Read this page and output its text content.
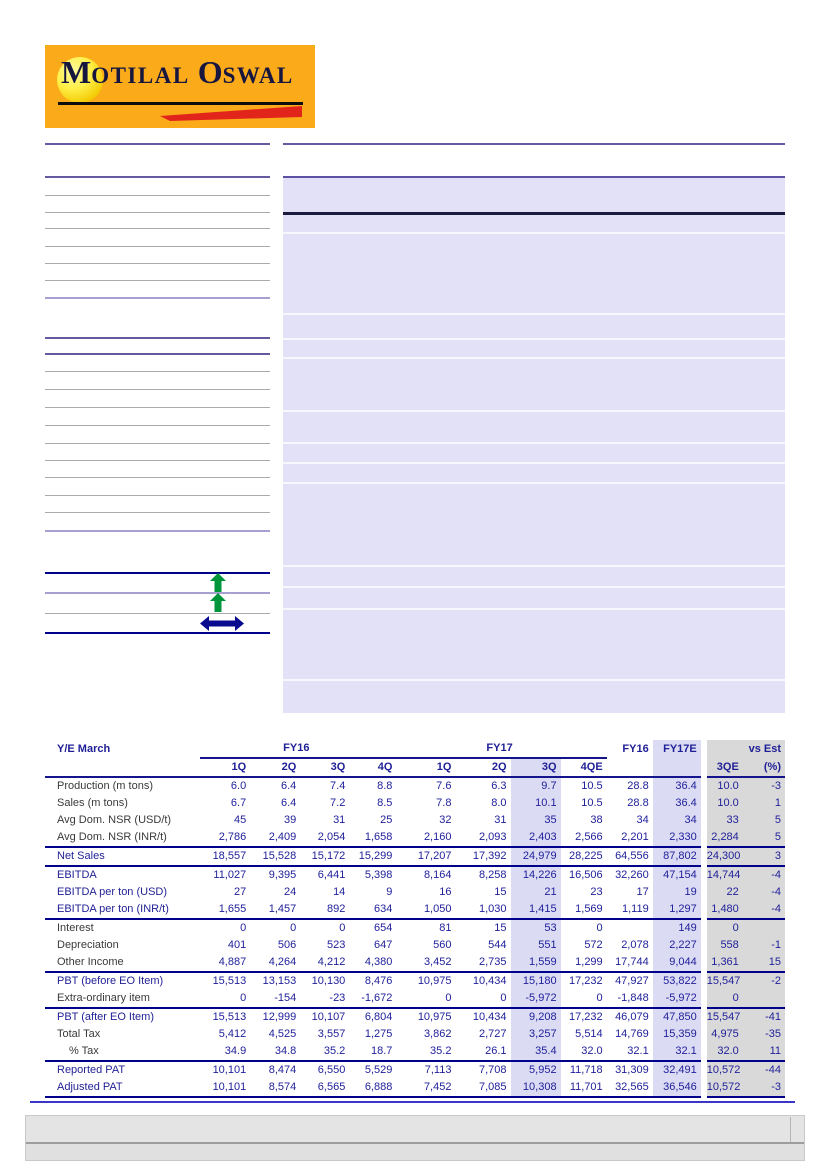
MOTILAL OSWAL
Y/E March	FY16				FY17				FY16	FY17E		vs Est	
	1Q	2Q	3Q	4Q	1Q	2Q	3Q	4QE				3QE	(%)
Production (m tons)	6.0	6.4	7.4	8.8	7.6	6.3	9.7	10.5	28.8	36.4		10.0	-3
Sales (m tons)	6.7	6.4	7.2	8.5	7.8	8.0	10.1	10.5	28.8	36.4		10.0	1
Avg Dom. NSR (USD/t)	45	39	31	25	32	31	35	38	34	34		33	5
Avg Dom. NSR (INR/t)	2,786	2,409	2,054	1,658	2,160	2,093	2,403	2,566	2,201	2,330		2,284	5
Net Sales	18,557	15,528	15,172	15,299	17,207	17,392	24,979	28,225	64,556	87,802		24,300	3
EBITDA	11,027	9,395	6,441	5,398	8,164	8,258	14,226	16,506	32,260	47,154		14,744	-4
EBITDA per ton (USD)	27	24	14	9	16	15	21	23	17	19		22	-4
EBITDA per ton (INR/t)	1,655	1,457	892	634	1,050	1,030	1,415	1,569	1,119	1,297		1,480	-4
Interest	0	0	0	654	81	15	53	0		149		0	
Depreciation	401	506	523	647	560	544	551	572	2,078	2,227		558	-1
Other Income	4,887	4,264	4,212	4,380	3,452	2,735	1,559	1,299	17,744	9,044		1,361	15
PBT (before EO Item)	15,513	13,153	10,130	8,476	10,975	10,434	15,180	17,232	47,927	53,822		15,547	-2
Extra-ordinary item	0	-154	-23	-1,672	0	0	-5,972	0	-1,848	-5,972		0	
PBT (after EO Item)	15,513	12,999	10,107	6,804	10,975	10,434	9,208	17,232	46,079	47,850		15,547	-41
Total Tax	5,412	4,525	3,557	1,275	3,862	2,727	3,257	5,514	14,769	15,359		4,975	-35
% Tax	34.9	34.8	35.2	18.7	35.2	26.1	35.4	32.0	32.1	32.1		32.0	11
Reported PAT	10,101	8,474	6,550	5,529	7,113	7,708	5,952	11,718	31,309	32,491		10,572	-44
Adjusted PAT	10,101	8,574	6,565	6,888	7,452	7,085	10,308	11,701	32,565	36,546		10,572	-3
